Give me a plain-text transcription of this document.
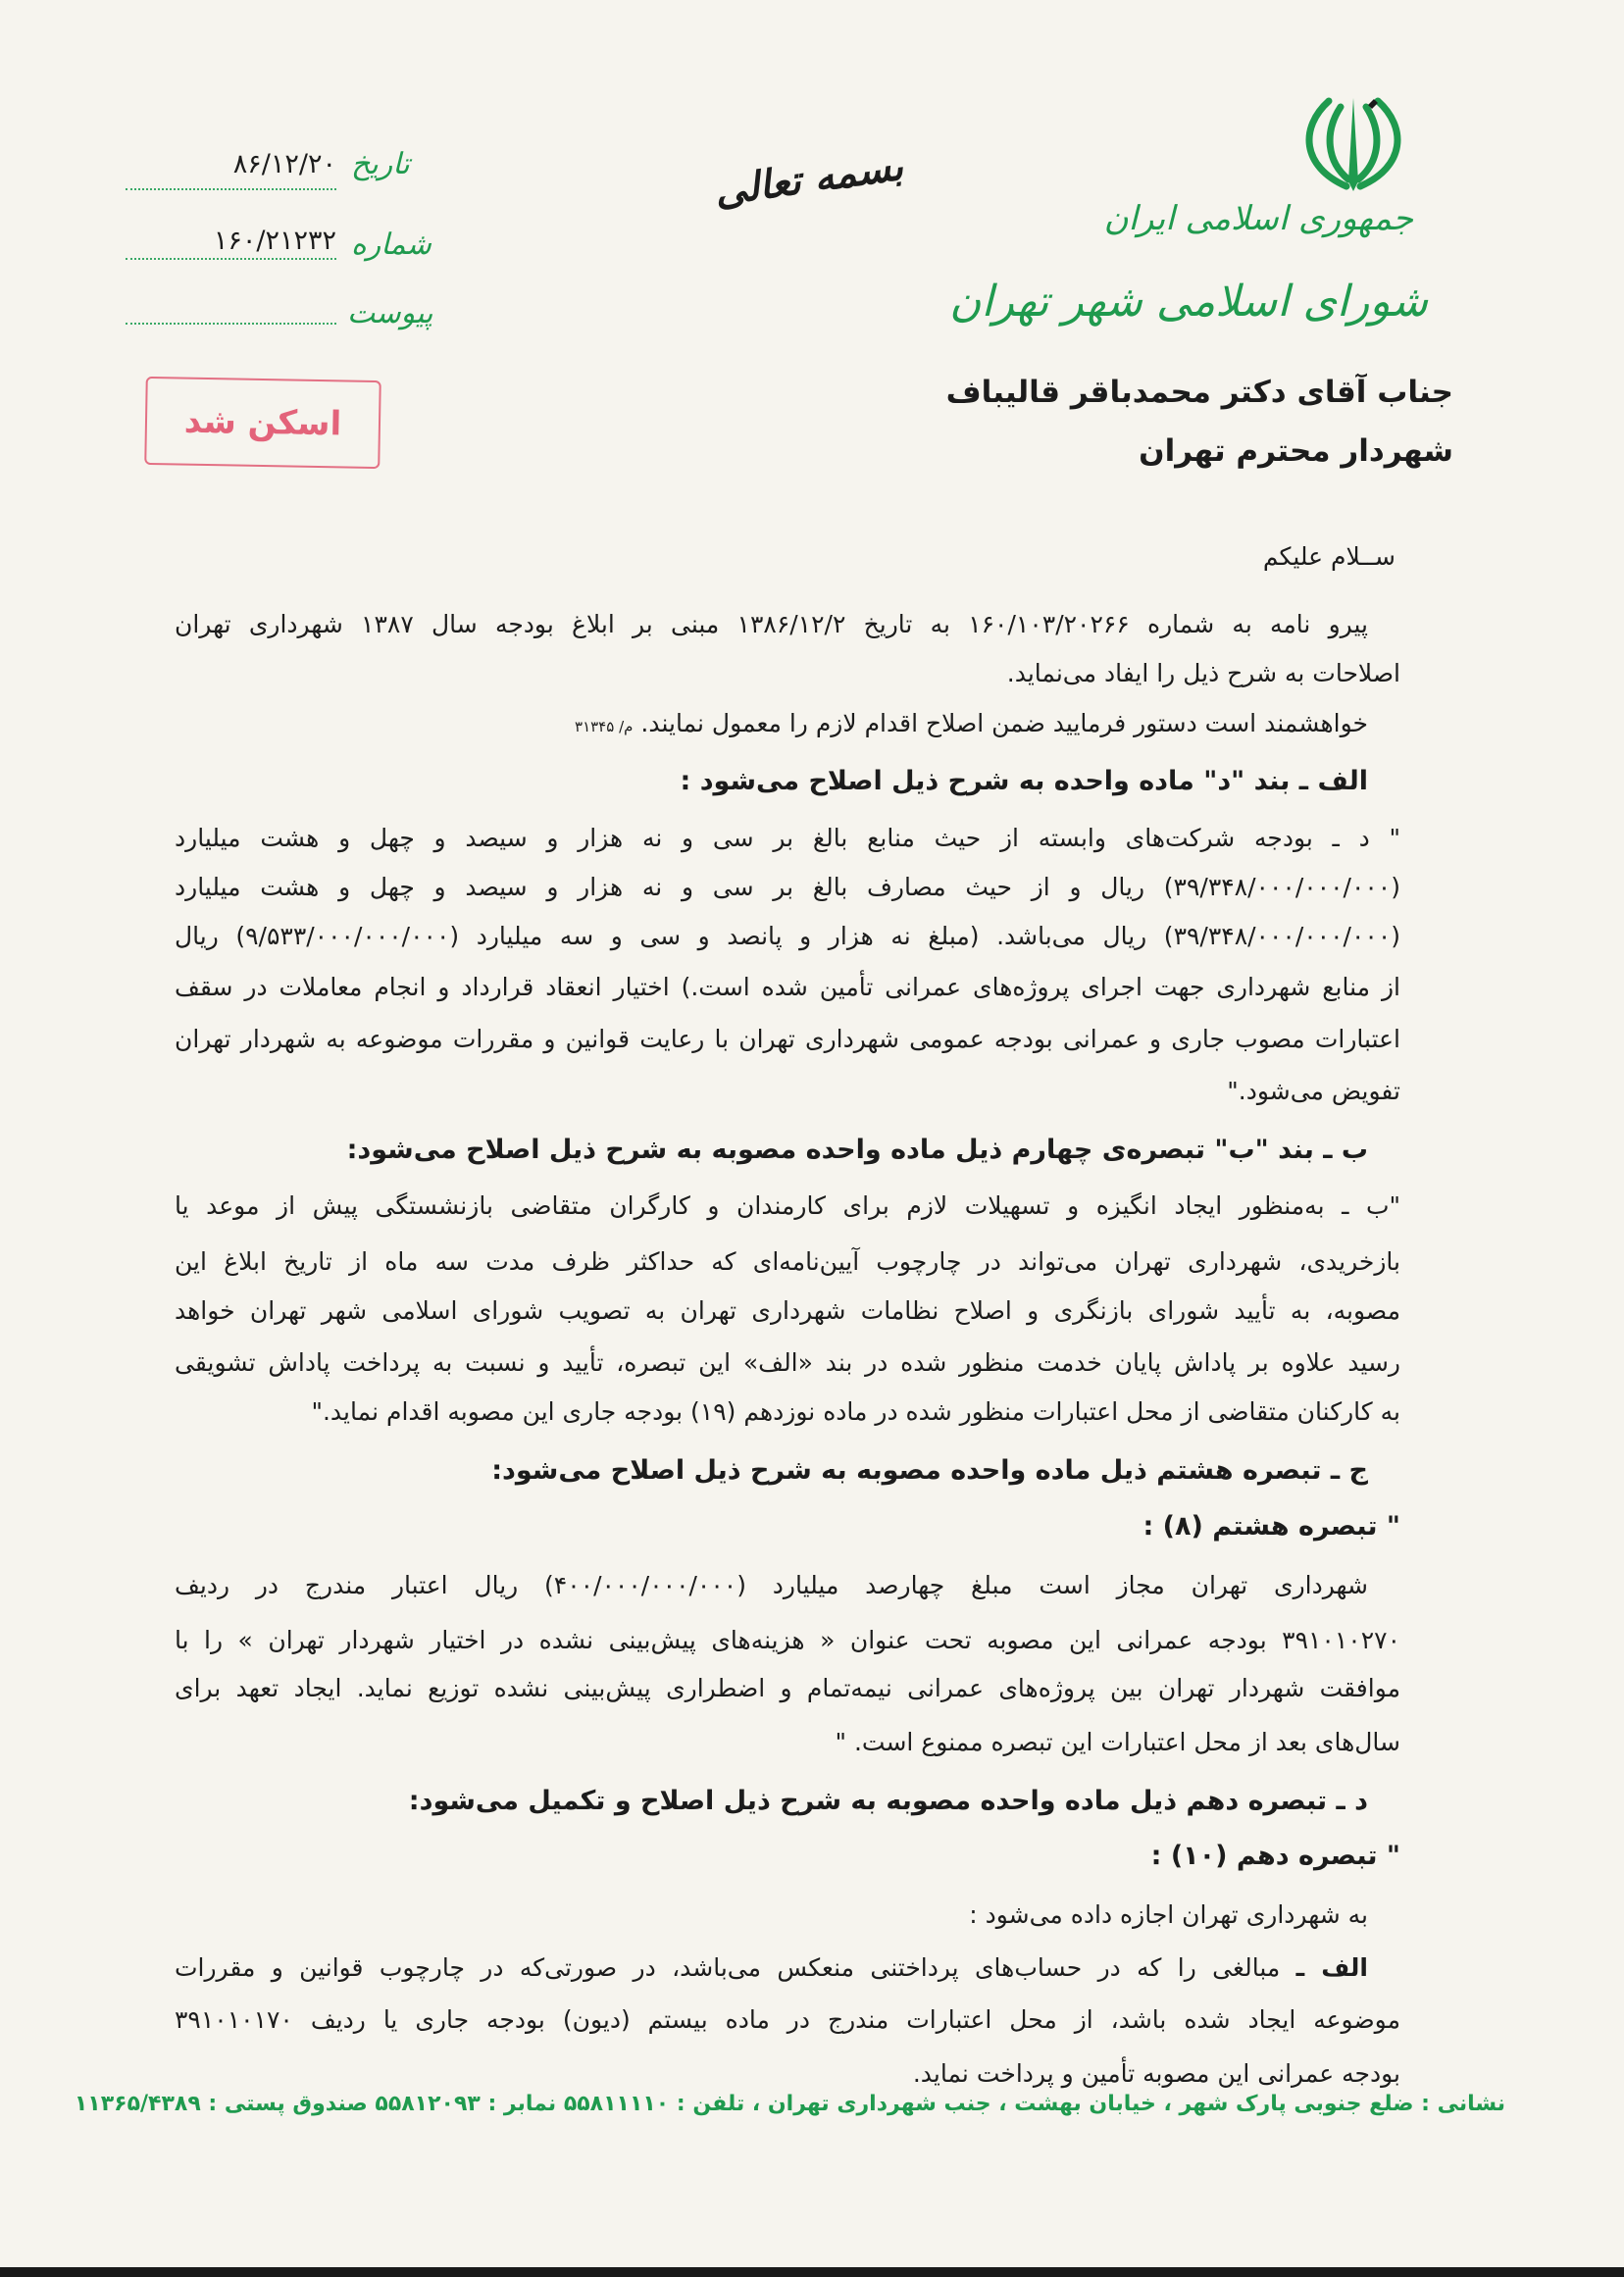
جمهوری اسلامی ایران
شورای اسلامی شهر تهران
بسمه تعالی
تاریخ
۸۶/۱۲/۲۰
شماره
۱۶۰/۲۱۲۳۲
پیوست
اسکن شد
جناب آقای دکتر محمدباقر قالیباف
شهردار محترم تهران
ســلام علیکم
پیرو نامه به شماره ۱۶۰/۱۰۳/۲۰۲۶۶ به تاریخ ۱۳۸۶/۱۲/۲ مبنی بر ابلاغ بودجه سال ۱۳۸۷ شهرداری تهران
اصلاحات به شرح ذیل را ایفاد می‌نماید.
خواهشمند است دستور فرمایید ضمن اصلاح اقدام لازم را معمول نمایند. م/ ۳۱۳۴۵
الف ـ بند "د" ماده واحده به شرح ذیل اصلاح می‌شود :
" د ـ بودجه شرکت‌های وابسته از حیث منابع بالغ بر سی و نه هزار و سیصد و چهل و هشت میلیارد
(۳۹/۳۴۸/۰۰۰/۰۰۰/۰۰۰) ریال و از حیث مصارف بالغ بر سی و نه هزار و سیصد و چهل و هشت میلیارد
(۳۹/۳۴۸/۰۰۰/۰۰۰/۰۰۰) ریال می‌باشد. (مبلغ نه هزار و پانصد و سی و سه میلیارد (۹/۵۳۳/۰۰۰/۰۰۰/۰۰۰) ریال
از منابع شهرداری جهت اجرای پروژه‌های عمرانی تأمین شده است.) اختیار انعقاد قرارداد و انجام معاملات در سقف
اعتبارات مصوب جاری و عمرانی بودجه عمومی شهرداری تهران با رعایت قوانین و مقررات موضوعه به شهردار تهران
تفویض می‌شود."
ب ـ بند "ب" تبصره‌ی چهارم ذیل ماده واحده مصوبه به شرح ذیل اصلاح می‌شود:
"ب ـ به‌منظور ایجاد انگیزه و تسهیلات لازم برای کارمندان و کارگران متقاضی بازنشستگی پیش از موعد یا
بازخریدی، شهرداری تهران می‌تواند در چارچوب آیین‌نامه‌ای که حداکثر ظرف مدت سه ماه از تاریخ ابلاغ این
مصوبه، به تأیید شورای بازنگری و اصلاح نظامات شهرداری تهران به تصویب شورای اسلامی شهر تهران خواهد
رسید علاوه بر پاداش پایان خدمت منظور شده در بند «الف» این تبصره، تأیید و نسبت به پرداخت پاداش تشویقی
به کارکنان متقاضی از محل اعتبارات منظور شده در ماده نوزدهم (۱۹) بودجه جاری این مصوبه اقدام نماید."
ج ـ تبصره هشتم ذیل ماده واحده مصوبه به شرح ذیل اصلاح می‌شود:
" تبصره هشتم (۸) :
شهرداری تهران مجاز است مبلغ چهارصد میلیارد (۴۰۰/۰۰۰/۰۰۰/۰۰۰) ریال اعتبار مندرج در ردیف
۳۹۱۰۱۰۲۷۰ بودجه عمرانی این مصوبه تحت عنوان « هزینه‌های پیش‌بینی نشده در اختیار شهردار تهران » را با
موافقت شهردار تهران بین پروژه‌های عمرانی نیمه‌تمام و اضطراری پیش‌بینی نشده توزیع نماید. ایجاد تعهد برای
سال‌های بعد از محل اعتبارات این تبصره ممنوع است. "
د ـ تبصره دهم ذیل ماده واحده مصوبه به شرح ذیل اصلاح و تکمیل می‌شود:
" تبصره دهم (۱۰) :
به شهرداری تهران اجازه داده می‌شود :
الف ـ مبالغی را که در حساب‌های پرداختنی منعکس می‌باشد، در صورتی‌که در چارچوب قوانین و مقررات
موضوعه ایجاد شده باشد، از محل اعتبارات مندرج در ماده بیستم (دیون) بودجه جاری یا ردیف ۳۹۱۰۱۰۱۷۰
بودجه عمرانی این مصوبه تأمین و پرداخت نماید.
نشانی : ضلع جنوبی پارک شهر ، خیابان بهشت ، جنب شهرداری تهران ، تلفن : ۵۵۸۱۱۱۱۰ نمابر : ۵۵۸۱۲۰۹۳ صندوق پستی : ۱۱۳۶۵/۴۳۸۹
